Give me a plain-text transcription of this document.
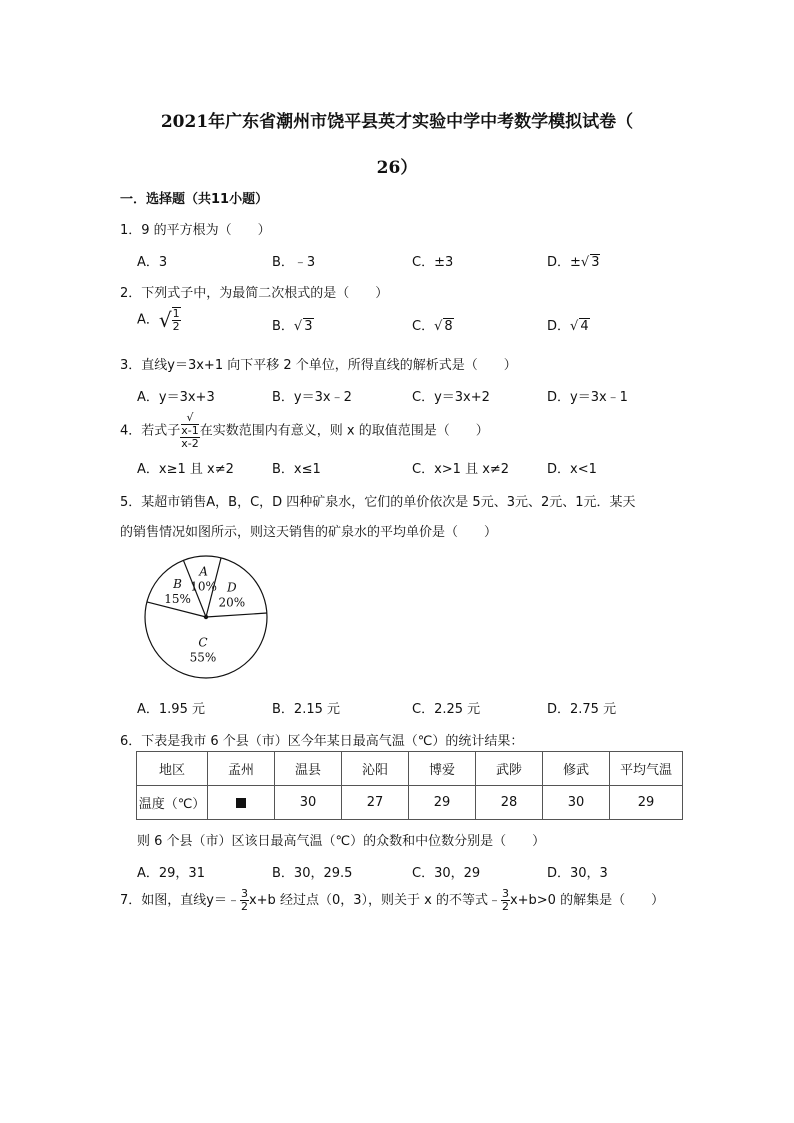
2021年广东省潮州市饶平县英才实验中学中考数学模拟试卷（
26）
一．选择题（共11小题）
1．9 的平方根为（　　）
A．3	B．﹣3	C．±3	D．±√ 3
2．下列式子中，为最简二次根式的是（　　）
A．√ $\frac{1}{2}$	B．√ 3	C．√ 8	D．√ 4
3．直线y＝3x+1 向下平移 2 个单位，所得直线的解析式是（　　）
A．y＝3x+3	B．y＝3x﹣2	C．y＝3x+2	D．y＝3x﹣1
4．若式子 √
x-1
x-2 在实数范围内有意义，则 x 的取值范围是（　　）
A．x≥1 且 x≠2	B．x≤1	C．x>1 且 x≠2	D．x<1
5．某超市销售A，B，C，D 四种矿泉水，它们的单价依次是 5元、3元、2元、1元．某天
的销售情况如图所示，则这天销售的矿泉水的平均单价是（　　）
A
10% D
20%
C
55%
B
15%
A．1.95 元	B．2.15 元	C．2.25 元	D．2.75 元
6．下表是我市 6 个县（市）区今年某日最高气温（℃）的统计结果：
地区	孟州	温县	沁阳	博爱	武陟	修武	平均气温
温度（℃）		30	27	29	28	30	29
则 6 个县（市）区该日最高气温（℃）的众数和中位数分别是（　　）
A．29，31	B．30，29.5	C．30，29	D．30，3
7．如图，直线y＝﹣ $\frac{3}{2} x+b$ 经过点（0，3），则关于 x 的不等式﹣ $\frac{3}{2} x+b>0$ 的解集是（　　）
